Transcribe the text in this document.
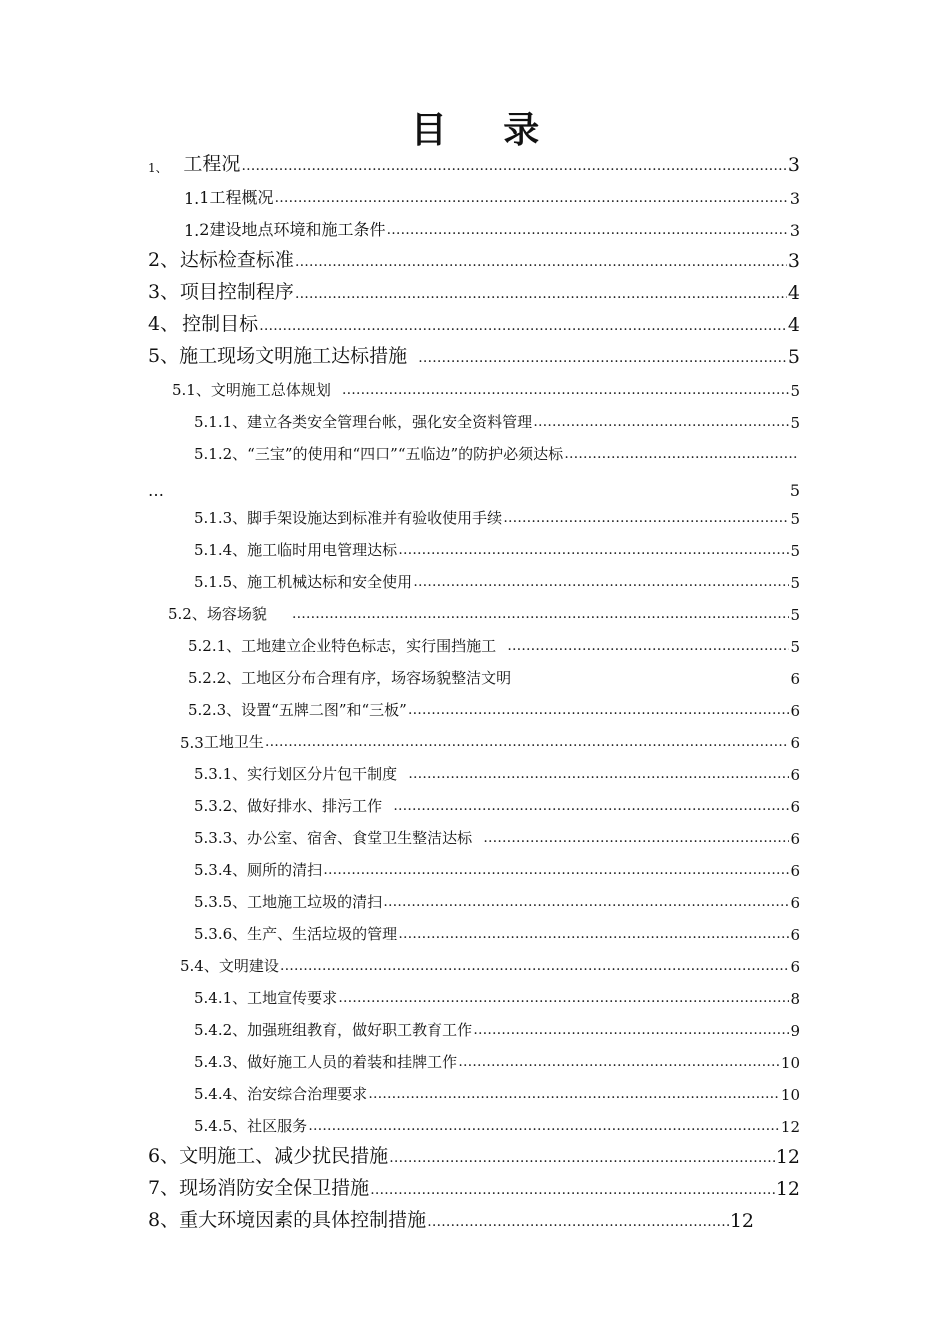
目 录
1、 工程况 …………………………………………………………………………………………………………………………………………………………………………	3
1. 1工程概况 …………………………………………………………………………………………………………………………………………………………………………	3
1. 2建设地点环境和施工条件 …………………………………………………………………………………………………………………………………………………………………………	3
2、 达标检查标准 …………………………………………………………………………………………………………………………………………………………………………	3
3、 项目控制程序 …………………………………………………………………………………………………………………………………………………………………………	4
4、 控制目标 …………………………………………………………………………………………………………………………………………………………………………	4
5、 施工现场文明施工达标措施 …………………………………………………………………………………………………………………………………………………………………………	5
5.1、 文明施工总体规划 …………………………………………………………………………………………………………………………………………………………………………	5
5.1.1、 建立各类安全管理台帐，强化安全资料管理 …………………………………………………………………………………………………………………………………………………………………………	5
5.1.2、 “三宝”的使用和“四口”“五临边”的防护必须达标
…………………………………………………………………………………………………………………………………………………………………………
…	5
5.1.3、 脚手架设施达到标准并有验收使用手续 …………………………………………………………………………………………………………………………………………………………………………	5
5.1.4、 施工临时用电管理达标 …………………………………………………………………………………………………………………………………………………………………………	5
5.1.5、 施工机械达标和安全使用 …………………………………………………………………………………………………………………………………………………………………………	5
5.2、 场容场貌 …………………………………………………………………………………………………………………………………………………………………………	5
5.2.1、 工地建立企业特色标志，实行围挡施工 …………………………………………………………………………………………………………………………………………………………………………	5
5.2.2、 工地区分布合理有序，场容场貌整洁文明	6
5.2.3、 设置“五牌二图”和“三板” …………………………………………………………………………………………………………………………………………………………………………	6
5.3 工地卫生 …………………………………………………………………………………………………………………………………………………………………………	6
5.3.1、 实行划区分片包干制度 …………………………………………………………………………………………………………………………………………………………………………	6
5.3.2、 做好排水、排污工作 …………………………………………………………………………………………………………………………………………………………………………	6
5.3.3、 办公室、宿舍、食堂卫生整洁达标 …………………………………………………………………………………………………………………………………………………………………………	6
5.3.4、 厕所的清扫 …………………………………………………………………………………………………………………………………………………………………………	6
5.3.5、 工地施工垃圾的清扫 …………………………………………………………………………………………………………………………………………………………………………	6
5.3.6、 生产、生活垃圾的管理 …………………………………………………………………………………………………………………………………………………………………………	6
5.4、 文明建设 …………………………………………………………………………………………………………………………………………………………………………	6
5.4.1、 工地宣传要求 …………………………………………………………………………………………………………………………………………………………………………	8
5.4.2、 加强班组教育，做好职工教育工作 …………………………………………………………………………………………………………………………………………………………………………	9
5.4.3、 做好施工人员的着装和挂牌工作 …………………………………………………………………………………………………………………………………………………………………………	10
5.4.4、 治安综合治理要求 …………………………………………………………………………………………………………………………………………………………………………	10
5.4.5、 社区服务 …………………………………………………………………………………………………………………………………………………………………………	12
6、 文明施工、减少扰民措施 …………………………………………………………………………………………………………………………………………………………………………	12
7、 现场消防安全保卫措施 …………………………………………………………………………………………………………………………………………………………………………	12
8、 重大环境因素的具体控制措施 …………………………………………………………………………………………………………………………………………………………………………	12
